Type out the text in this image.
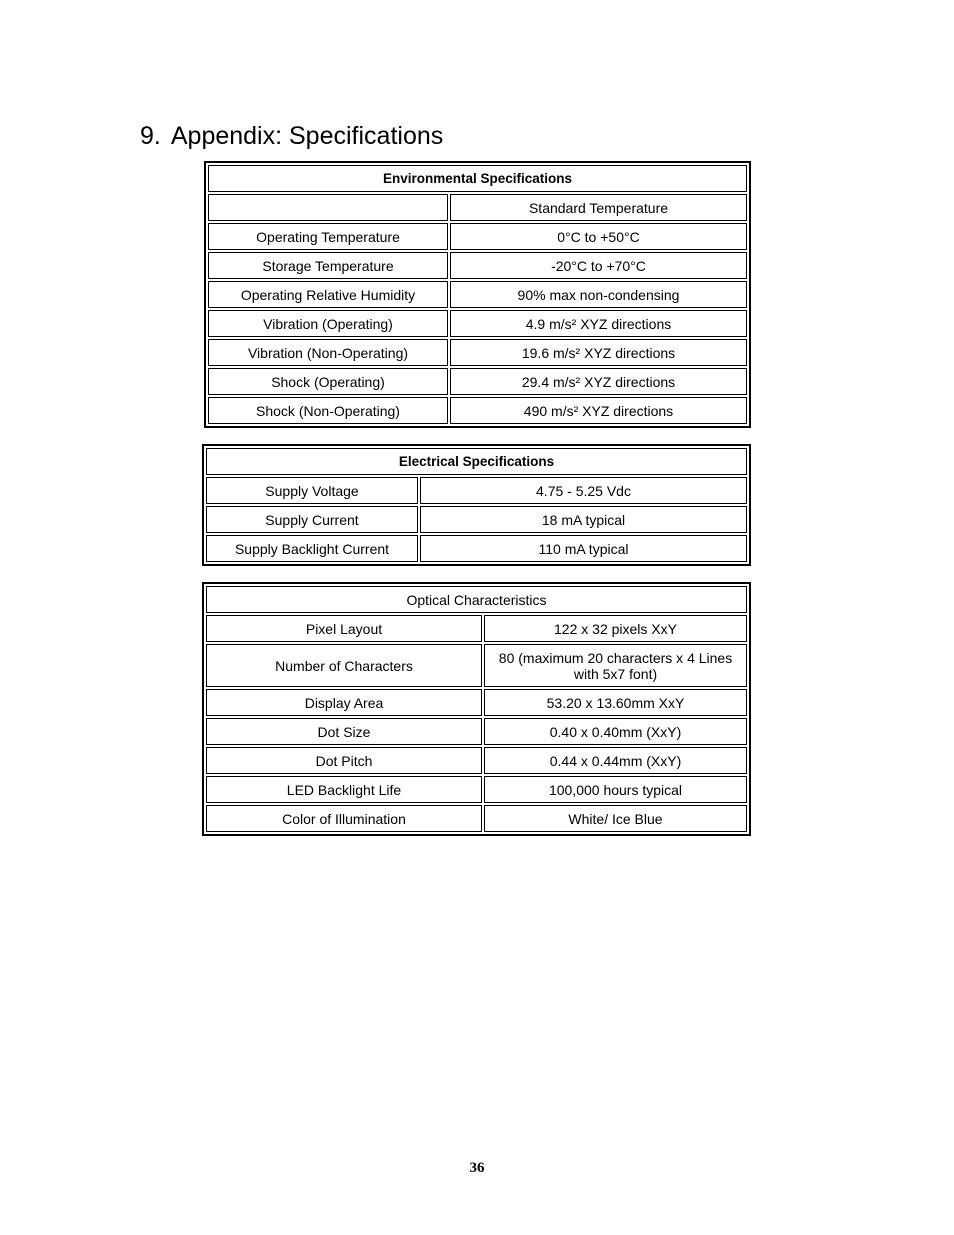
9. Appendix: Specifications
Environmental Specifications	
	Standard Temperature
Operating Temperature	0°C to +50°C
Storage Temperature	-20°C to +70°C
Operating Relative Humidity	90% max non-condensing
Vibration (Operating)	4.9 m/s² XYZ directions
Vibration (Non-Operating)	19.6 m/s² XYZ directions
Shock (Operating)	29.4 m/s² XYZ directions
Shock (Non-Operating)	490 m/s² XYZ directions
Electrical Specifications	
Supply Voltage	4.75 - 5.25 Vdc
Supply Current	18 mA typical
Supply Backlight Current	110 mA typical
Optical Characteristics	
Pixel Layout	122 x 32 pixels XxY
Number of Characters	80 (maximum 20 characters x 4 Lines with 5x7 font)
Display Area	53.20 x 13.60mm XxY
Dot Size	0.40 x 0.40mm (XxY)
Dot Pitch	0.44 x 0.44mm (XxY)
LED Backlight Life	100,000 hours typical
Color of Illumination	White/ Ice Blue
36
